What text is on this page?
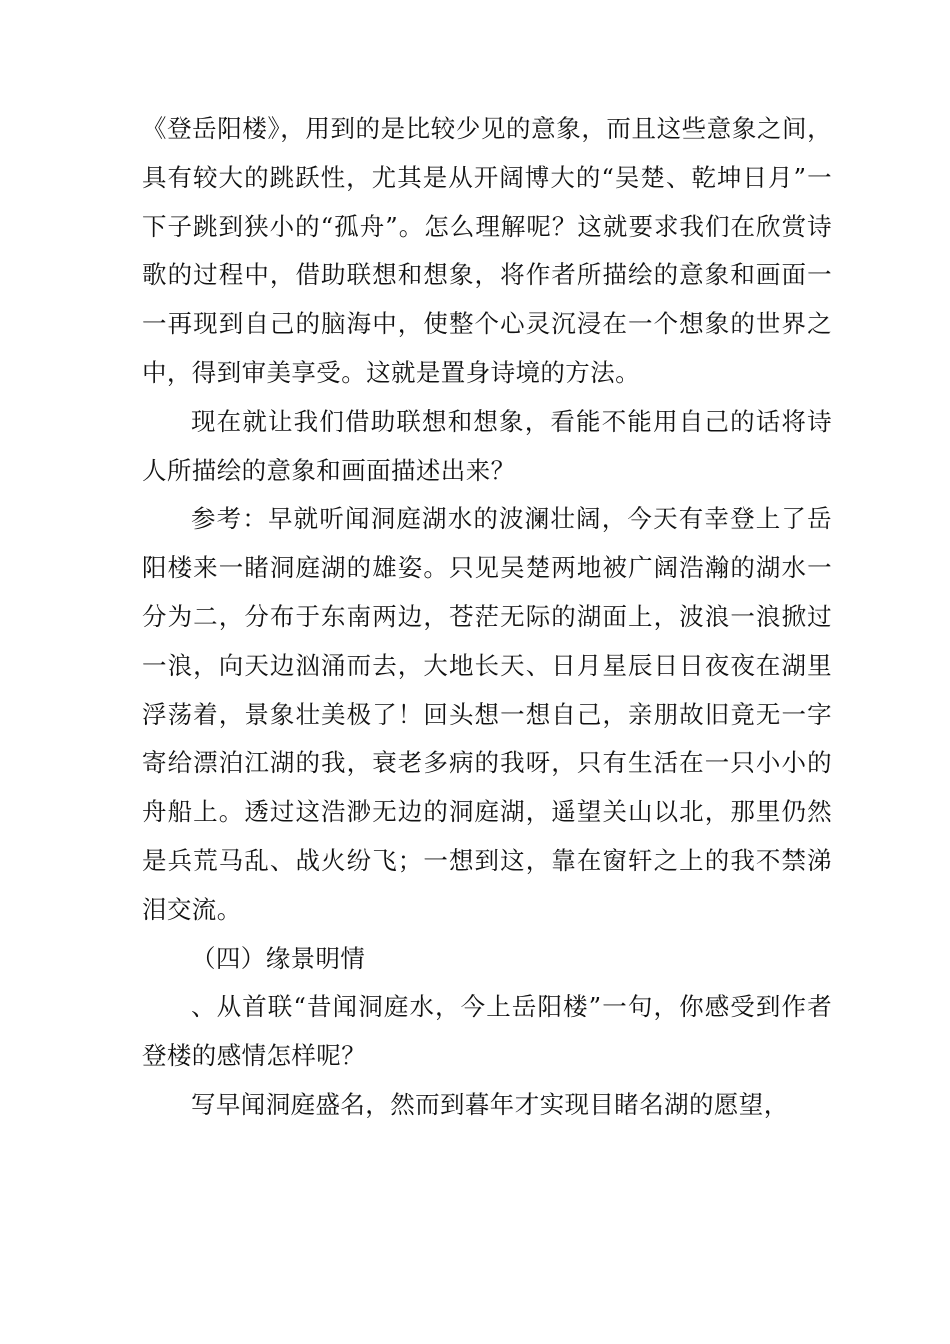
《登岳阳楼》，用到的是比较少见的意象，而且这些意象之间，具有较大的跳跃性，尤其是从开阔博大的“吴楚、乾坤日月”一下子跳到狭小的“孤舟”。怎么理解呢？这就要求我们在欣赏诗歌的过程中，借助联想和想象，将作者所描绘的意象和画面一一再现到自己的脑海中，使整个心灵沉浸在一个想象的世界之中，得到审美享受。这就是置身诗境的方法。

现在就让我们借助联想和想象，看能不能用自己的话将诗人所描绘的意象和画面描述出来？

参考：早就听闻洞庭湖水的波澜壮阔，今天有幸登上了岳阳楼来一睹洞庭湖的雄姿。只见吴楚两地被广阔浩瀚的湖水一分为二，分布于东南两边，苍茫无际的湖面上，波浪一浪掀过一浪，向天边汹涌而去，大地长天、日月星辰日日夜夜在湖里浮荡着，景象壮美极了！回头想一想自己，亲朋故旧竟无一字寄给漂泊江湖的我，衰老多病的我呀，只有生活在一只小小的舟船上。透过这浩渺无边的洞庭湖，遥望关山以北，那里仍然是兵荒马乱、战火纷飞；一想到这，靠在窗轩之上的我不禁涕泪交流。

（四）缘景明情

、从首联“昔闻洞庭水，今上岳阳楼”一句，你感受到作者登楼的感情怎样呢？

写早闻洞庭盛名，然而到暮年才实现目睹名湖的愿望，
